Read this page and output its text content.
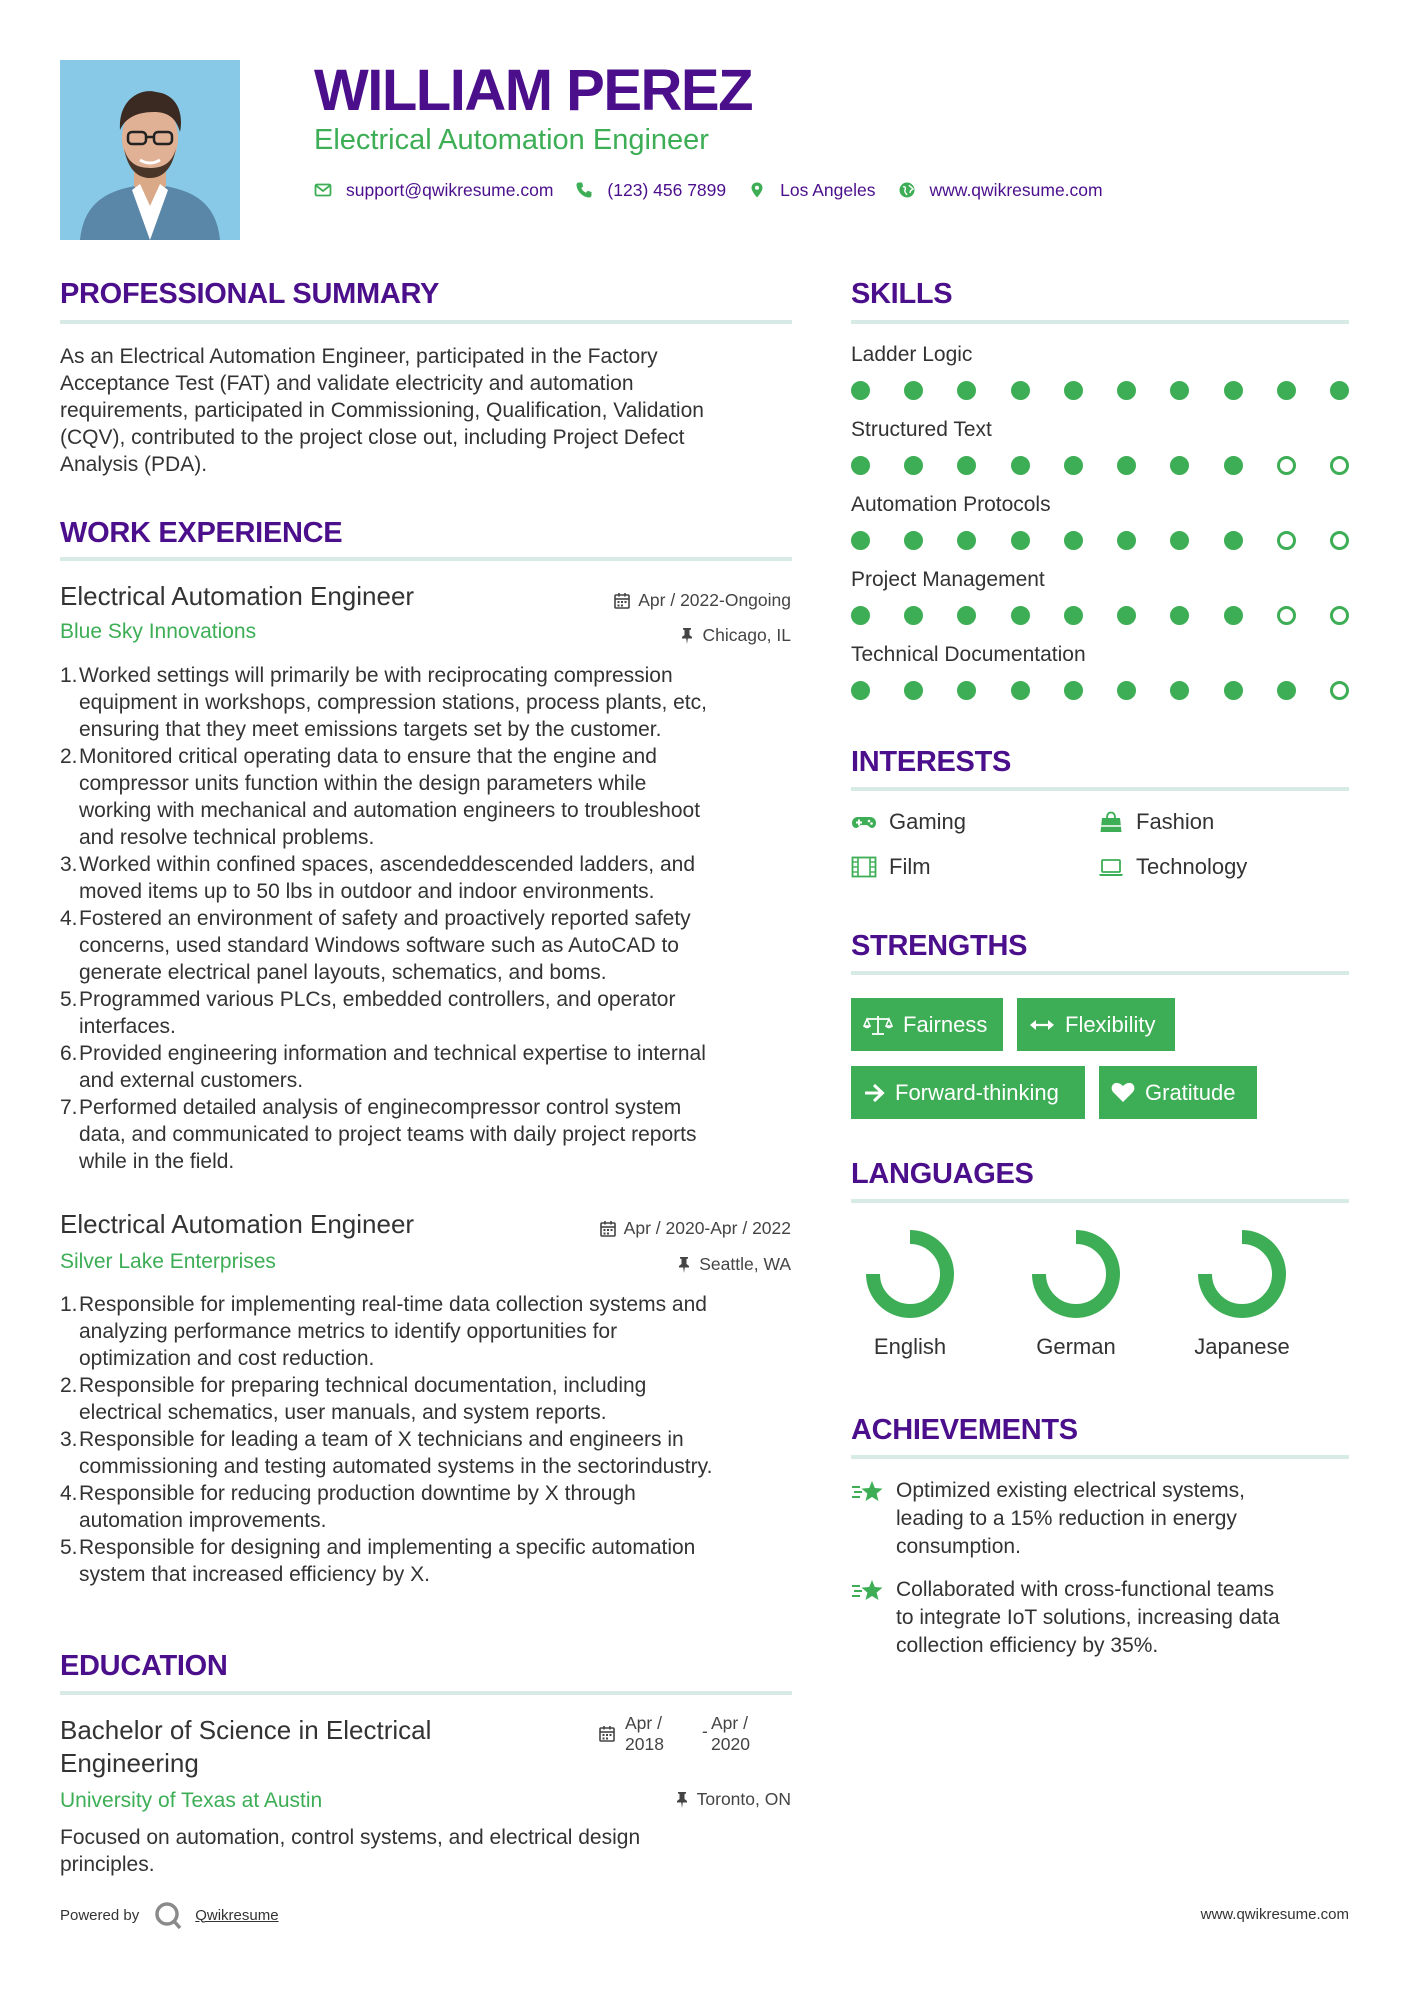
WILLIAM PEREZ
Electrical Automation Engineer
support@qwikresume.com	(123) 456 7899	Los Angeles	www.qwikresume.com
PROFESSIONAL SUMMARY
As an Electrical Automation Engineer, participated in the Factory
Acceptance Test (FAT) and validate electricity and automation
requirements, participated in Commissioning, Qualification, Validation
(CQV), contributed to the project close out, including Project Defect
Analysis (PDA).
WORK EXPERIENCE
Electrical Automation Engineer	Apr / 2022-Ongoing
Blue Sky Innovations	Chicago, IL
1. Worked settings will primarily be with reciprocating compression
equipment in workshops, compression stations, process plants, etc,
ensuring that they meet emissions targets set by the customer.
2. Monitored critical operating data to ensure that the engine and
compressor units function within the design parameters while
working with mechanical and automation engineers to troubleshoot
and resolve technical problems.
3. Worked within confined spaces, ascendeddescended ladders, and
moved items up to 50 lbs in outdoor and indoor environments.
4. Fostered an environment of safety and proactively reported safety
concerns, used standard Windows software such as AutoCAD to
generate electrical panel layouts, schematics, and boms.
5. Programmed various PLCs, embedded controllers, and operator
interfaces.
6. Provided engineering information and technical expertise to internal
and external customers.
7. Performed detailed analysis of enginecompressor control system
data, and communicated to project teams with daily project reports
while in the field.
Electrical Automation Engineer	Apr / 2020-Apr / 2022
Silver Lake Enterprises	Seattle, WA
1. Responsible for implementing real-time data collection systems and
analyzing performance metrics to identify opportunities for
optimization and cost reduction.
2. Responsible for preparing technical documentation, including
electrical schematics, user manuals, and system reports.
3. Responsible for leading a team of X technicians and engineers in
commissioning and testing automated systems in the sectorindustry.
4. Responsible for reducing production downtime by X through
automation improvements.
5. Responsible for designing and implementing a specific automation
system that increased efficiency by X.
EDUCATION
Bachelor of Science in Electrical
Engineering
Apr /
2018
- Apr /
2020
University of Texas at Austin	Toronto, ON
Focused on automation, control systems, and electrical design
principles.
SKILLS
Ladder Logic
Structured Text
Automation Protocols
Project Management
Technical Documentation
INTERESTS
Gaming	Fashion
Film	Technology
STRENGTHS
Fairness	Flexibility
Forward-thinking	Gratitude
LANGUAGES
English	German	Japanese
ACHIEVEMENTS
Optimized existing electrical systems,
leading to a 15% reduction in energy
consumption.
Collaborated with cross-functional teams
to integrate IoT solutions, increasing data
collection efficiency by 35%.
Powered by	Qwikresume	www.qwikresume.com
